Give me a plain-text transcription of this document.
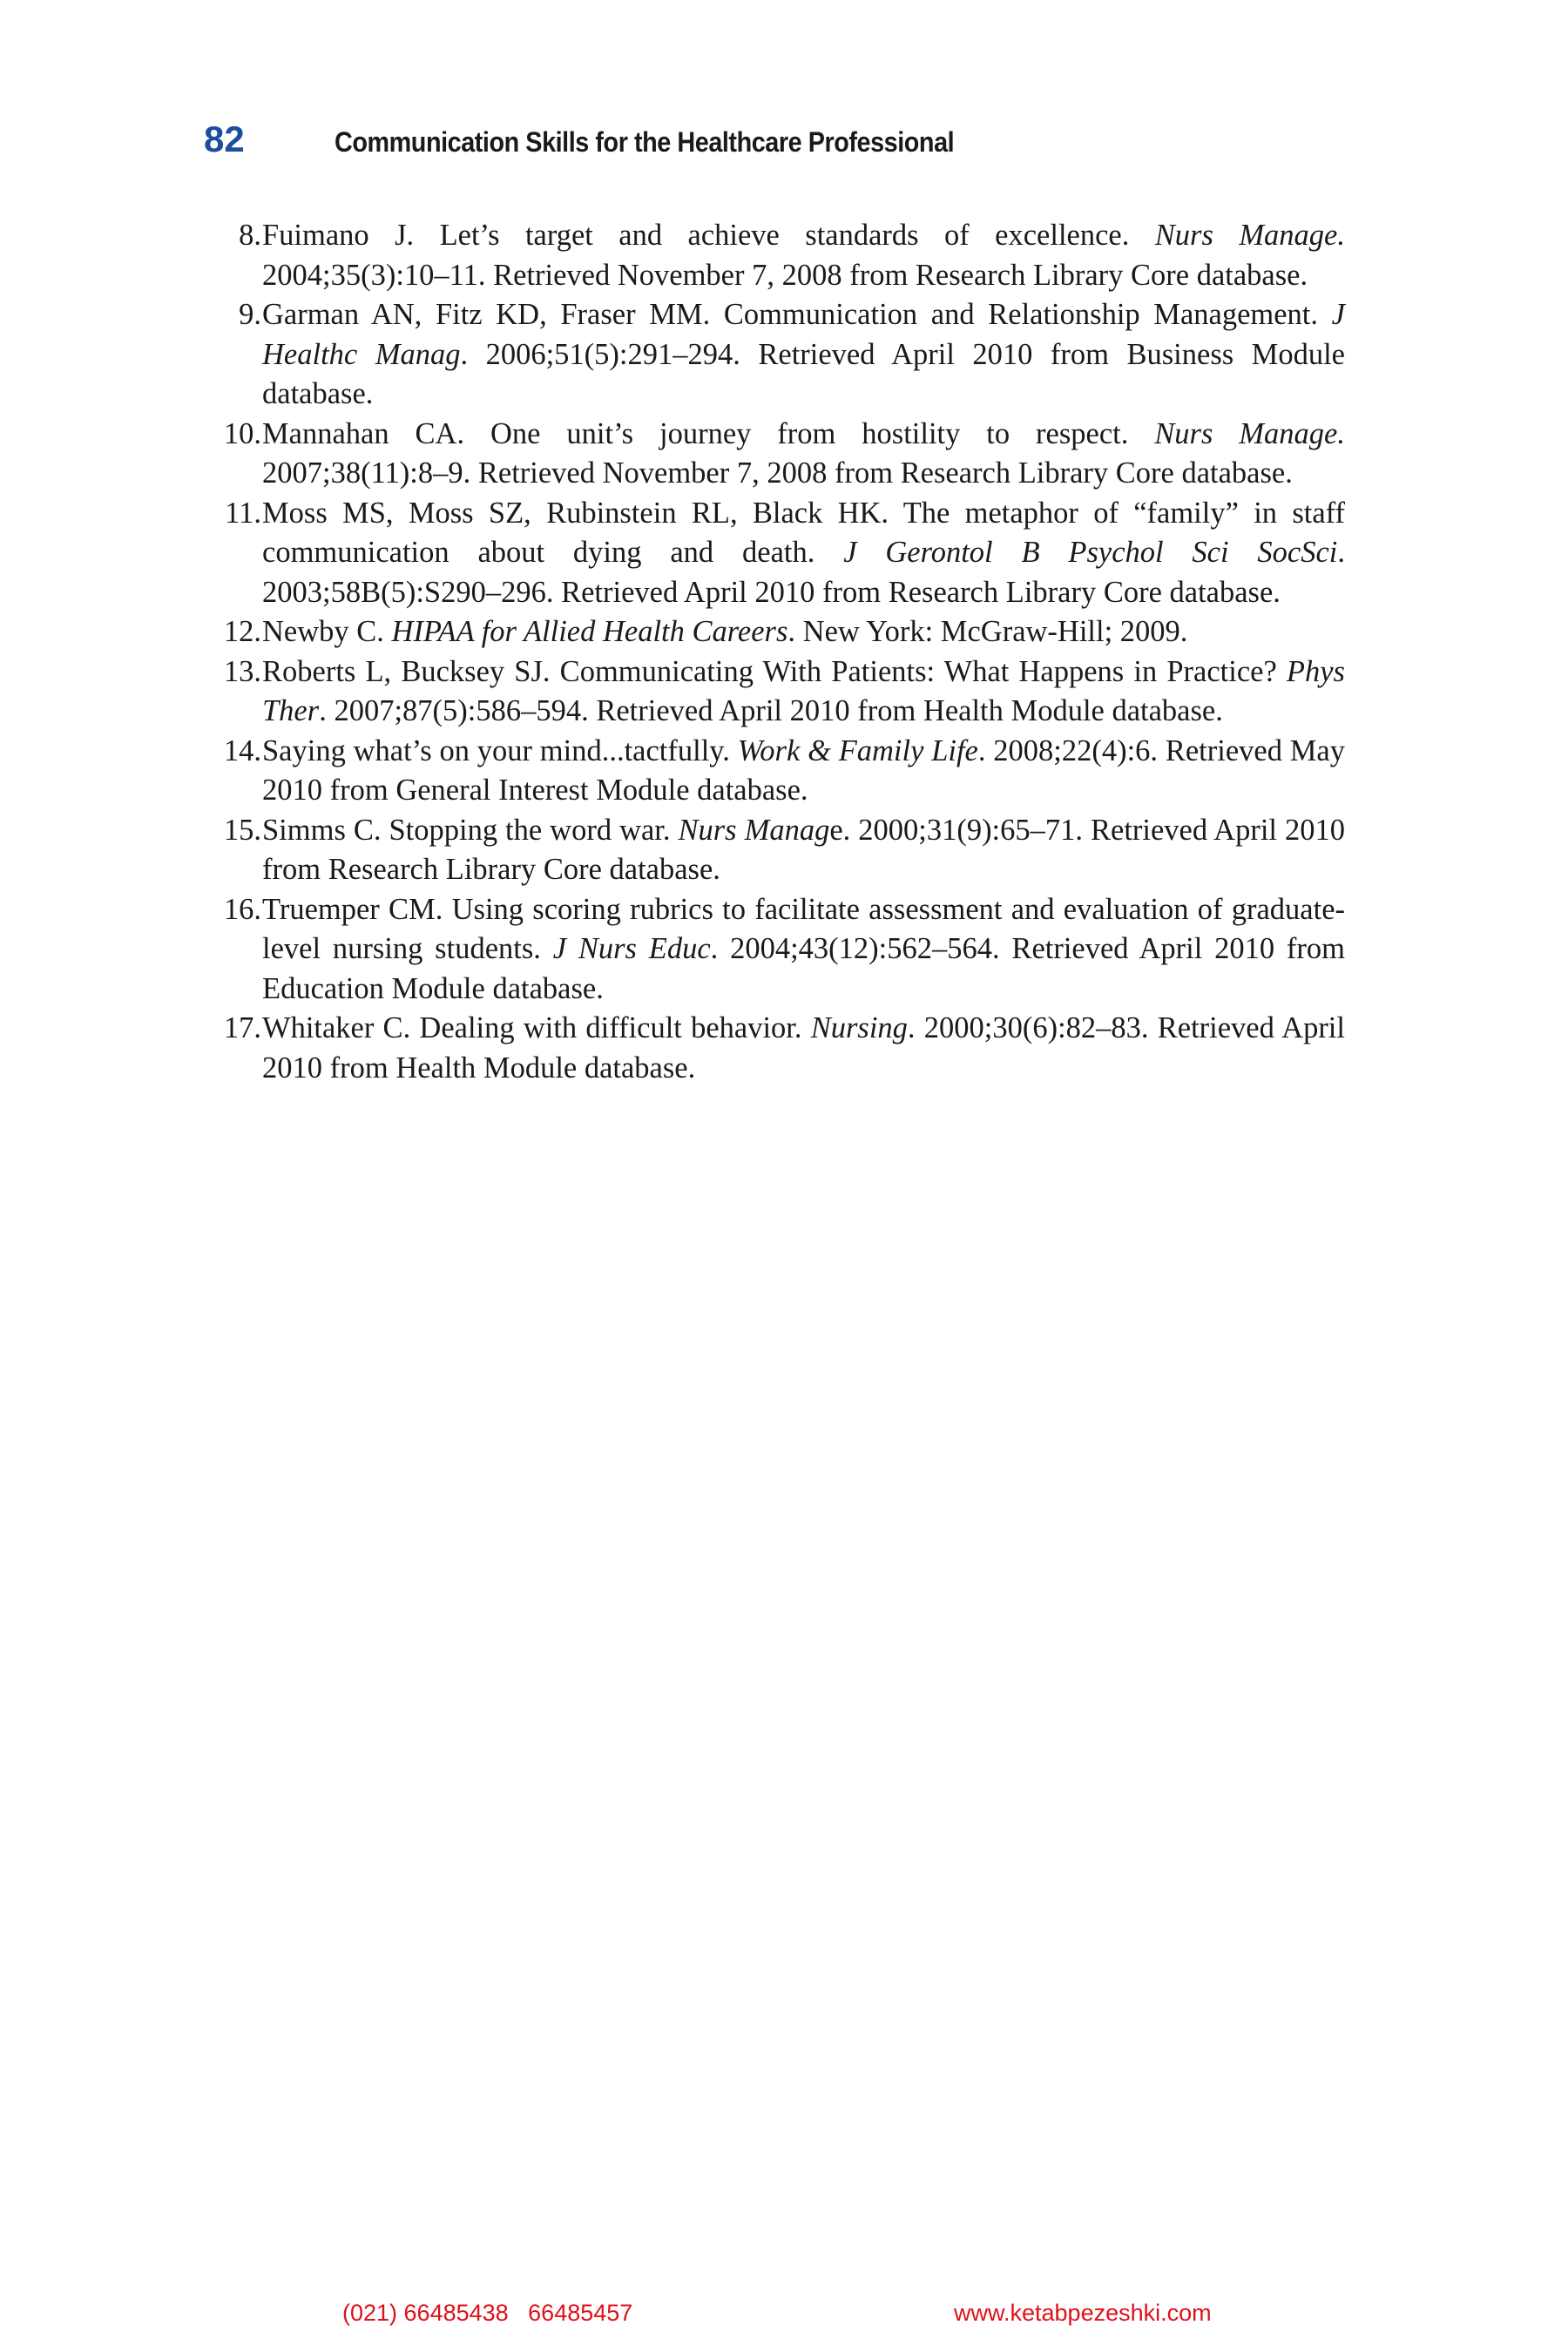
82	Communication Skills for the Healthcare Professional
8. Fuimano J. Let’s target and achieve standards of excellence. Nurs Manage. 2004;35(3):10–11. Retrieved November 7, 2008 from Research Library Core database.
9. Garman AN, Fitz KD, Fraser MM. Communication and Relationship Management. J Healthc Manag. 2006;51(5):291–294. Retrieved April 2010 from Business Module database.
10. Mannahan CA. One unit’s journey from hostility to respect. Nurs Manage. 2007;38(11):8–9. Retrieved November 7, 2008 from Research Library Core database.
11. Moss MS, Moss SZ, Rubinstein RL, Black HK. The metaphor of “family” in staff communication about dying and death. J Gerontol B Psychol Sci SocSci. 2003;58B(5):S290–296. Retrieved April 2010 from Research Library Core database.
12. Newby C. HIPAA for Allied Health Careers. New York: McGraw-Hill; 2009.
13. Roberts L, Bucksey SJ. Communicating With Patients: What Happens in Practice? Phys Ther. 2007;87(5):586–594. Retrieved April 2010 from Health Module database.
14. Saying what’s on your mind...tactfully. Work & Family Life. 2008;22(4):6. Retrieved May 2010 from General Interest Module database.
15. Simms C. Stopping the word war. Nurs Manage. 2000;31(9):65–71. Retrieved April 2010 from Research Library Core database.
16. Truemper CM. Using scoring rubrics to facilitate assessment and evaluation of graduate-level nursing students. J Nurs Educ. 2004;43(12):562–564. Retrieved April 2010 from Education Module database.
17. Whitaker C. Dealing with difficult behavior. Nursing. 2000;30(6):82–83. Retrieved April 2010 from Health Module database.
(021) 66485438   66485457	www.ketabpezeshki.com
